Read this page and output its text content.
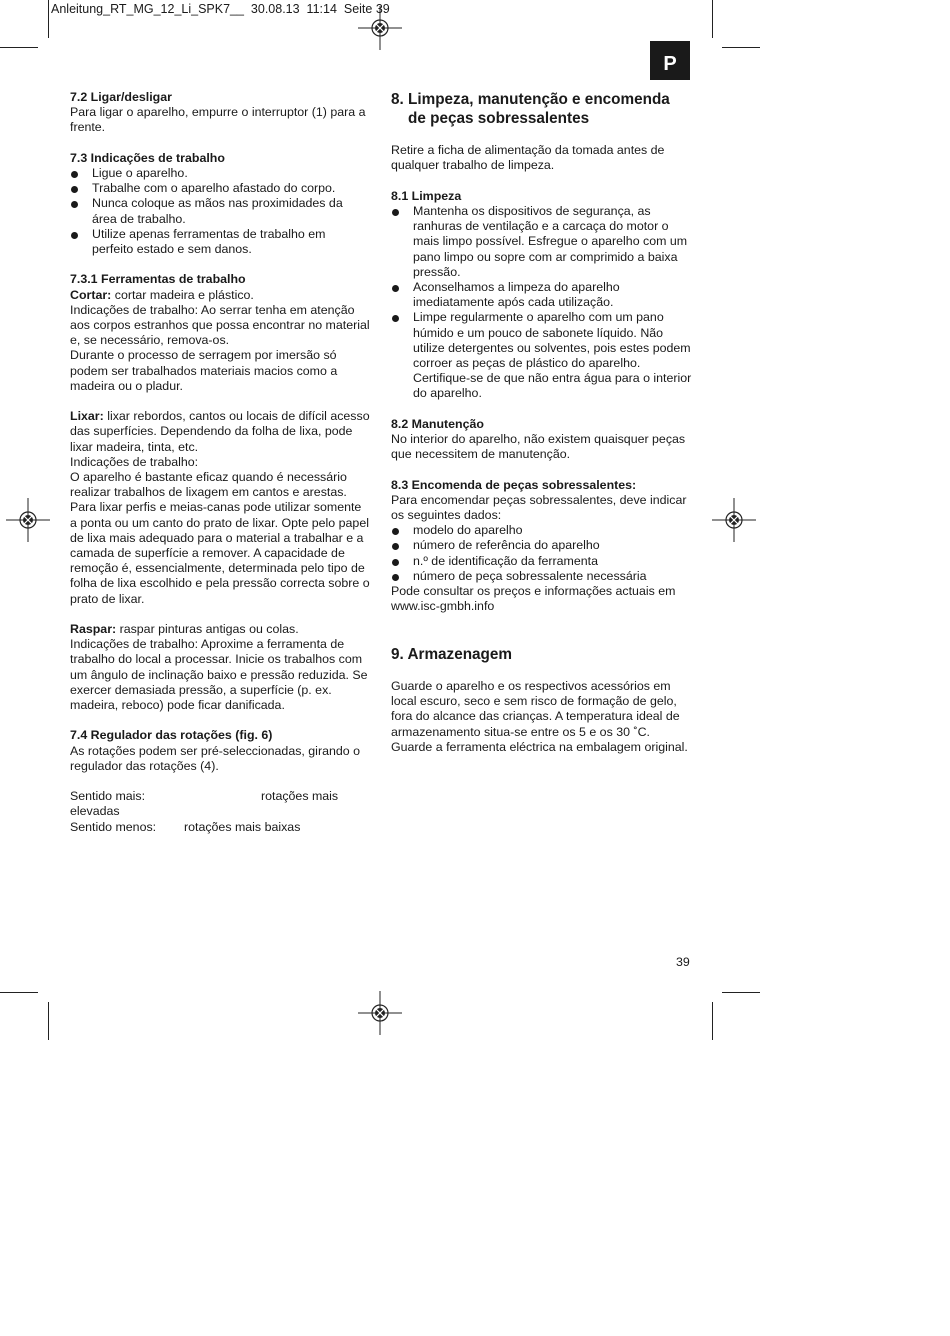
Anleitung_RT_MG_12_Li_SPK7__ 30.08.13 11:14 Seite 39
P

7.2 Ligar/desligar

Para ligar o aparelho, empurre o interruptor (1) para a frente.

7.3 Indicações de trabalho

Ligue o aparelho.
Trabalhe com o aparelho afastado do corpo.
Nunca coloque as mãos nas proximidades da área de trabalho.
Utilize apenas ferramentas de trabalho em perfeito estado e sem danos.

7.3.1 Ferramentas de trabalho

Cortar: cortar madeira e plástico.

Indicações de trabalho: Ao serrar tenha em atenção aos corpos estranhos que possa encontrar no material e, se necessário, remova-os.

Durante o processo de serragem por imersão só podem ser trabalhados materiais macios como a madeira ou o pladur.

Lixar: lixar rebordos, cantos ou locais de difícil acesso das superfícies. Dependendo da folha de lixa, pode lixar madeira, tinta, etc.

Indicações de trabalho:

O aparelho é bastante eficaz quando é necessário realizar trabalhos de lixagem em cantos e arestas. Para lixar perfis e meias-canas pode utilizar somente a ponta ou um canto do prato de lixar. Opte pelo papel de lixa mais adequado para o material a trabalhar e a camada de superfície a remover. A capacidade de remoção é, essencialmente, determinada pelo tipo de folha de lixa escolhido e pela pressão correcta sobre o prato de lixar.

Raspar: raspar pinturas antigas ou colas.

Indicações de trabalho: Aproxime a ferramenta de trabalho do local a processar. Inicie os trabalhos com um ângulo de inclinação baixo e pressão reduzida. Se exercer demasiada pressão, a superfície (p. ex. madeira, reboco) pode ficar danificada.

7.4 Regulador das rotações (fig. 6)

As rotações podem ser pré-seleccionadas, girando o regulador das rotações (4).

Sentido mais:	rotações mais

elevadas

Sentido menos: rotações mais baixas
8. Limpeza, manutenção e encomenda
de peças sobressalentes

Retire a ficha de alimentação da tomada antes de qualquer trabalho de limpeza.

8.1 Limpeza

Mantenha os dispositivos de segurança, as ranhuras de ventilação e a carcaça do motor o mais limpo possível. Esfregue o aparelho com um pano limpo ou sopre com ar comprimido a baixa pressão.
Aconselhamos a limpeza do aparelho imediatamente após cada utilização.
Limpe regularmente o aparelho com um pano húmido e um pouco de sabonete líquido. Não utilize detergentes ou solventes, pois estes podem corroer as peças de plástico do aparelho. Certifique-se de que não entra água para o interior do aparelho.

8.2 Manutenção

No interior do aparelho, não existem quaisquer peças que necessitem de manutenção.

8.3 Encomenda de peças sobressalentes:

Para encomendar peças sobressalentes, deve indicar os seguintes dados:

modelo do aparelho
número de referência do aparelho
n.º de identificação da ferramenta
número de peça sobressalente necessária

Pode consultar os preços e informações actuais em www.isc-gmbh.info

9. Armazenagem

Guarde o aparelho e os respectivos acessórios em local escuro, seco e sem risco de formação de gelo, fora do alcance das crianças. A temperatura ideal de armazenamento situa-se entre os 5 e os 30 ˚C. Guarde a ferramenta eléctrica na embalagem original.

39
